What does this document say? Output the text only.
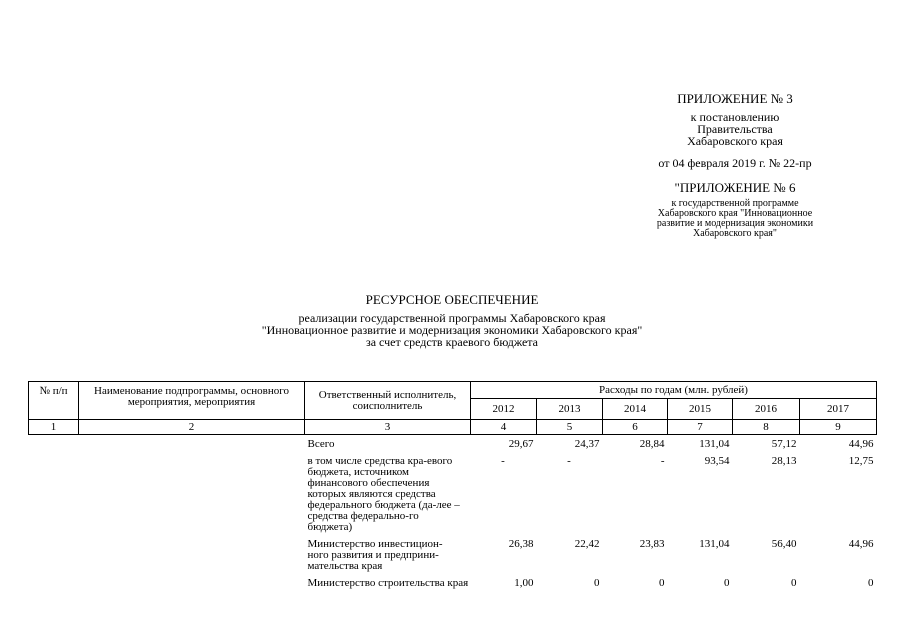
ПРИЛОЖЕНИЕ № 3
к постановлению
Правительства
Хабаровского края
от 04 февраля 2019 г. № 22-пр
"ПРИЛОЖЕНИЕ № 6
к государственной программе
Хабаровского края "Инновационное
развитие и модернизация экономики
Хабаровского края"
РЕСУРСНОЕ ОБЕСПЕЧЕНИЕ
реализации государственной программы Хабаровского края
"Инновационное развитие и модернизация экономики Хабаровского края"
за счет средств краевого бюджета
№ п/п	Наименование подпрограммы, основного мероприятия, мероприятия	Ответственный исполнитель, соисполнитель	Расходы по годам (млн. рублей)					
			2012	2013	2014	2015	2016	2017
1	2	3	4	5	6	7	8	9
		Всего	29,67	24,37	28,84	131,04	57,12	44,96
		в том числе средства кра-евого бюджета, источником финансового обеспечения которых являются средства федерального бюджета (да-лее – средства федерально-го бюджета)	-	-	-	93,54	28,13	12,75
		Министерство инвестицион-ного развития и предприни-мательства края	26,38	22,42	23,83	131,04	56,40	44,96
		Министерство строительства края	1,00	0	0	0	0	0
